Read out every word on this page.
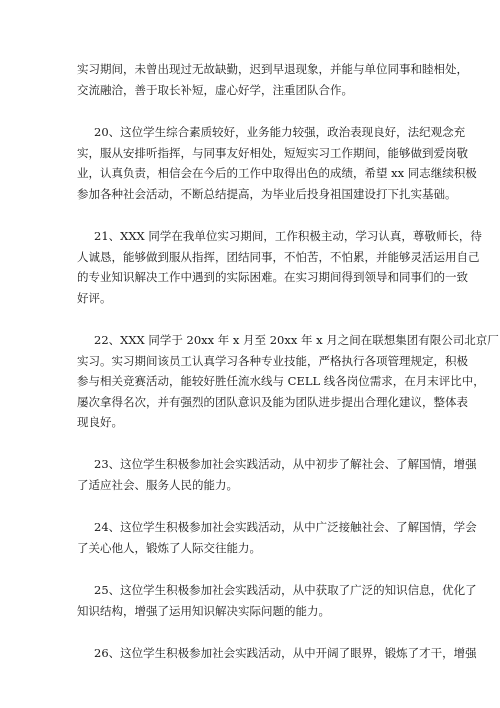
实习期间，未曾出现过无故缺勤，迟到早退现象，并能与单位同事和睦相处，
交流融洽，善于取长补短，虚心好学，注重团队合作。
20、这位学生综合素质较好，业务能力较强，政治表现良好，法纪观念充
实，服从安排听指挥，与同事友好相处，短短实习工作期间，能够做到爱岗敬
业，认真负责，相信会在今后的工作中取得出色的成绩，希望 xx 同志继续积极
参加各种社会活动，不断总结提高，为毕业后投身祖国建设打下扎实基础。
21、XXX 同学在我单位实习期间，工作积极主动，学习认真，尊敬师长，待
人诚恳，能够做到服从指挥，团结同事，不怕苦，不怕累，并能够灵活运用自己
的专业知识解决工作中遇到的实际困难。在实习期间得到领导和同事们的一致
好评。
22、XXX 同学于 20xx 年 x 月至 20xx 年 x 月之间在联想集团有限公司北京厂
实习。实习期间该员工认真学习各种专业技能，严格执行各项管理规定，积极
参与相关竞赛活动，能较好胜任流水线与 CELL 线各岗位需求，在月末评比中，
屡次拿得名次，并有强烈的团队意识及能为团队进步提出合理化建议，整体表
现良好。
23、这位学生积极参加社会实践活动，从中初步了解社会、了解国情，增强
了适应社会、服务人民的能力。
24、这位学生积极参加社会实践活动，从中广泛接触社会、了解国情，学会
了关心他人，锻炼了人际交往能力。
25、这位学生积极参加社会实践活动，从中获取了广泛的知识信息，优化了
知识结构，增强了运用知识解决实际问题的能力。
26、这位学生积极参加社会实践活动，从中开阔了眼界，锻炼了才干，增强
